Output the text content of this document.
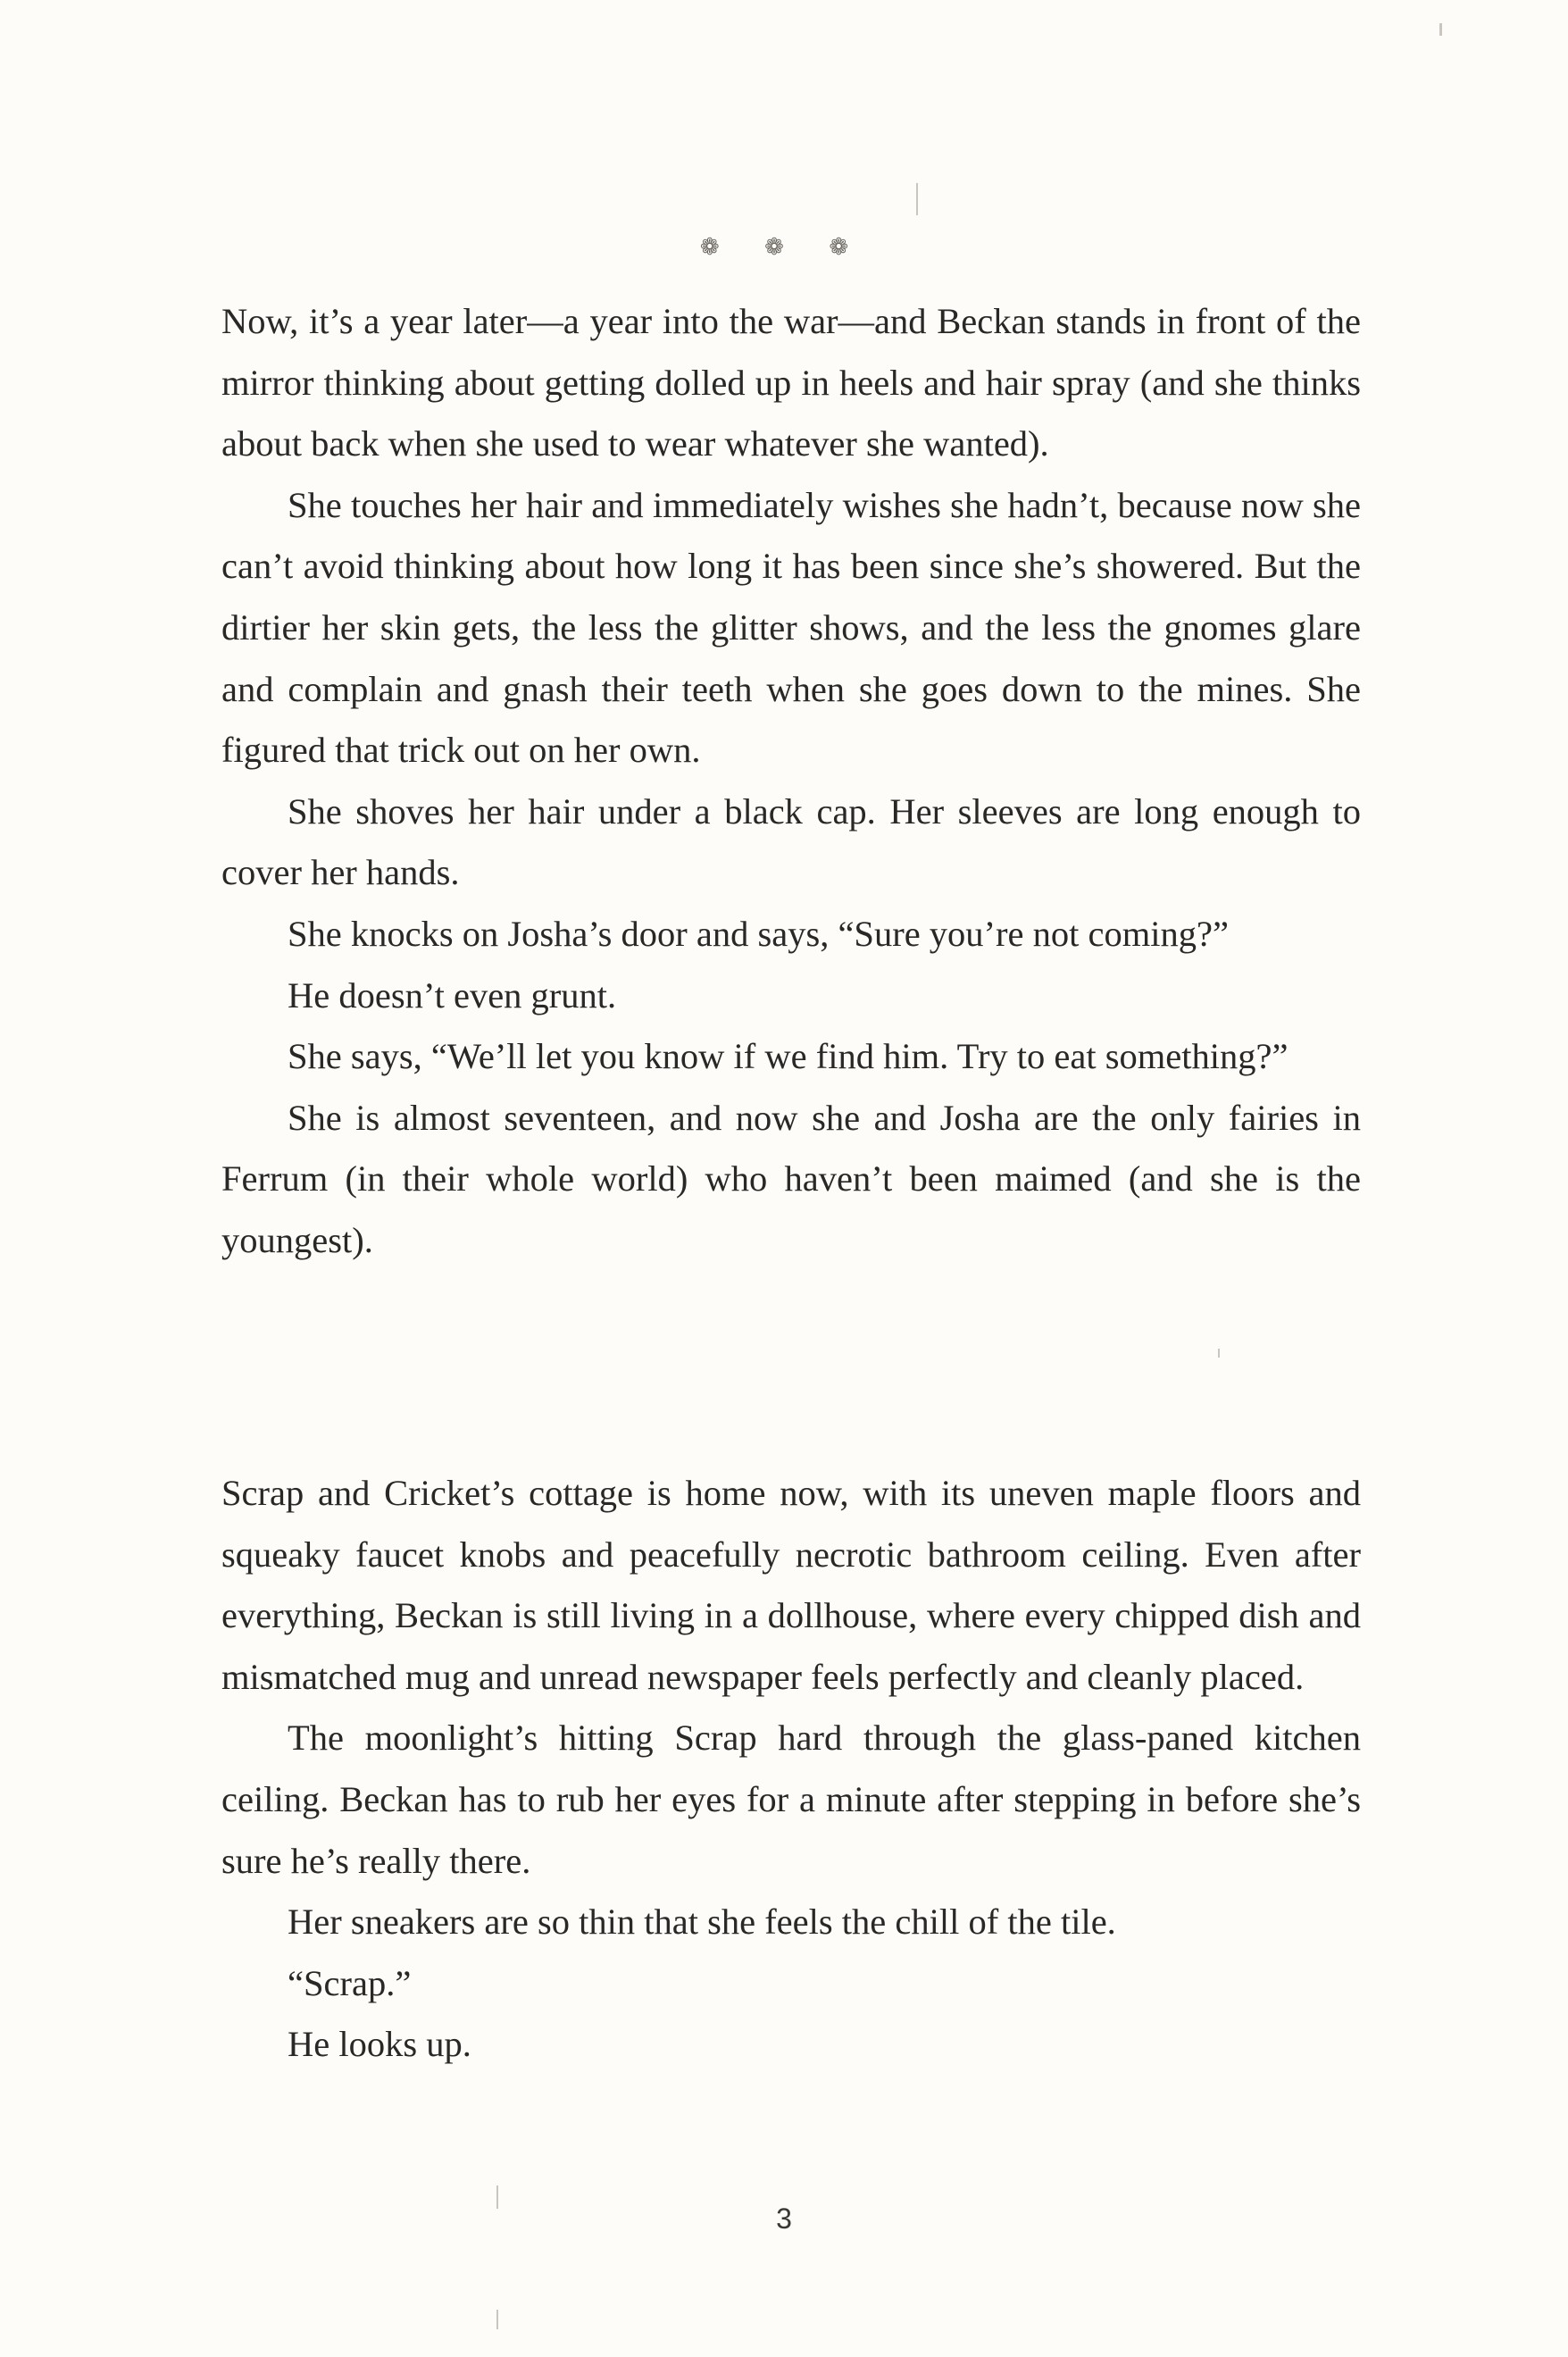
❁ ❁ ❁

Now, it’s a year later—a year into the war—and Beckan stands in front of the mirror thinking about getting dolled up in heels and hair spray (and she thinks about back when she used to wear whatever she wanted).

She touches her hair and immediately wishes she hadn’t, because now she can’t avoid thinking about how long it has been since she’s showered. But the dirtier her skin gets, the less the glitter shows, and the less the gnomes glare and complain and gnash their teeth when she goes down to the mines. She figured that trick out on her own.

She shoves her hair under a black cap. Her sleeves are long enough to cover her hands.

She knocks on Josha’s door and says, “Sure you’re not coming?”

He doesn’t even grunt.

She says, “We’ll let you know if we find him. Try to eat something?”

She is almost seventeen, and now she and Josha are the only fairies in Ferrum (in their whole world) who haven’t been maimed (and she is the youngest).

Scrap and Cricket’s cottage is home now, with its uneven maple floors and squeaky faucet knobs and peacefully necrotic bathroom ceiling. Even after everything, Beckan is still living in a dollhouse, where every chipped dish and mismatched mug and unread newspaper feels perfectly and cleanly placed.

The moonlight’s hitting Scrap hard through the glass-paned kitchen ceiling. Beckan has to rub her eyes for a minute after stepping in before she’s sure he’s really there.

Her sneakers are so thin that she feels the chill of the tile.

“Scrap.”

He looks up.

3
